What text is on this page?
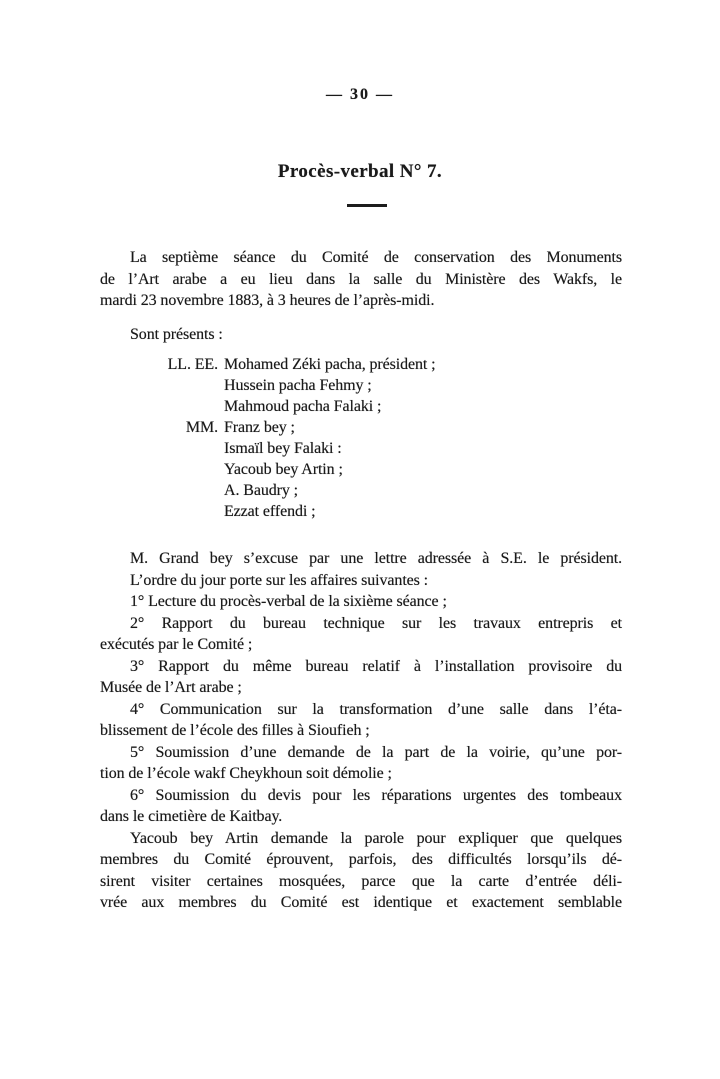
— 30 —
Procès-verbal N° 7.
La septième séance du Comité de conservation des Monuments
de l’Art arabe a eu lieu dans la salle du Ministère des Wakfs, le
mardi 23 novembre 1883, à 3 heures de l’après-midi.
Sont présents :
LL. EE. Mohamed Zéki pacha, président ;
Hussein pacha Fehmy ;
Mahmoud pacha Falaki ;
MM. Franz bey ;
Ismaïl bey Falaki :
Yacoub bey Artin ;
A. Baudry ;
Ezzat effendi ;
M. Grand bey s’excuse par une lettre adressée à S.E. le président.
L’ordre du jour porte sur les affaires suivantes :
1° Lecture du procès-verbal de la sixième séance ;
2° Rapport du bureau technique sur les travaux entrepris et
exécutés par le Comité ;
3° Rapport du même bureau relatif à l’installation provisoire du
Musée de l’Art arabe ;
4° Communication sur la transformation d’une salle dans l’éta-
blissement de l’école des filles à Sioufieh ;
5° Soumission d’une demande de la part de la voirie, qu’une por-
tion de l’école wakf Cheykhoun soit démolie ;
6° Soumission du devis pour les réparations urgentes des tombeaux
dans le cimetière de Kaitbay.
Yacoub bey Artin demande la parole pour expliquer que quelques
membres du Comité éprouvent, parfois, des difficultés lorsqu’ils dé-
sirent visiter certaines mosquées, parce que la carte d’entrée déli-
vrée aux membres du Comité est identique et exactement semblable
